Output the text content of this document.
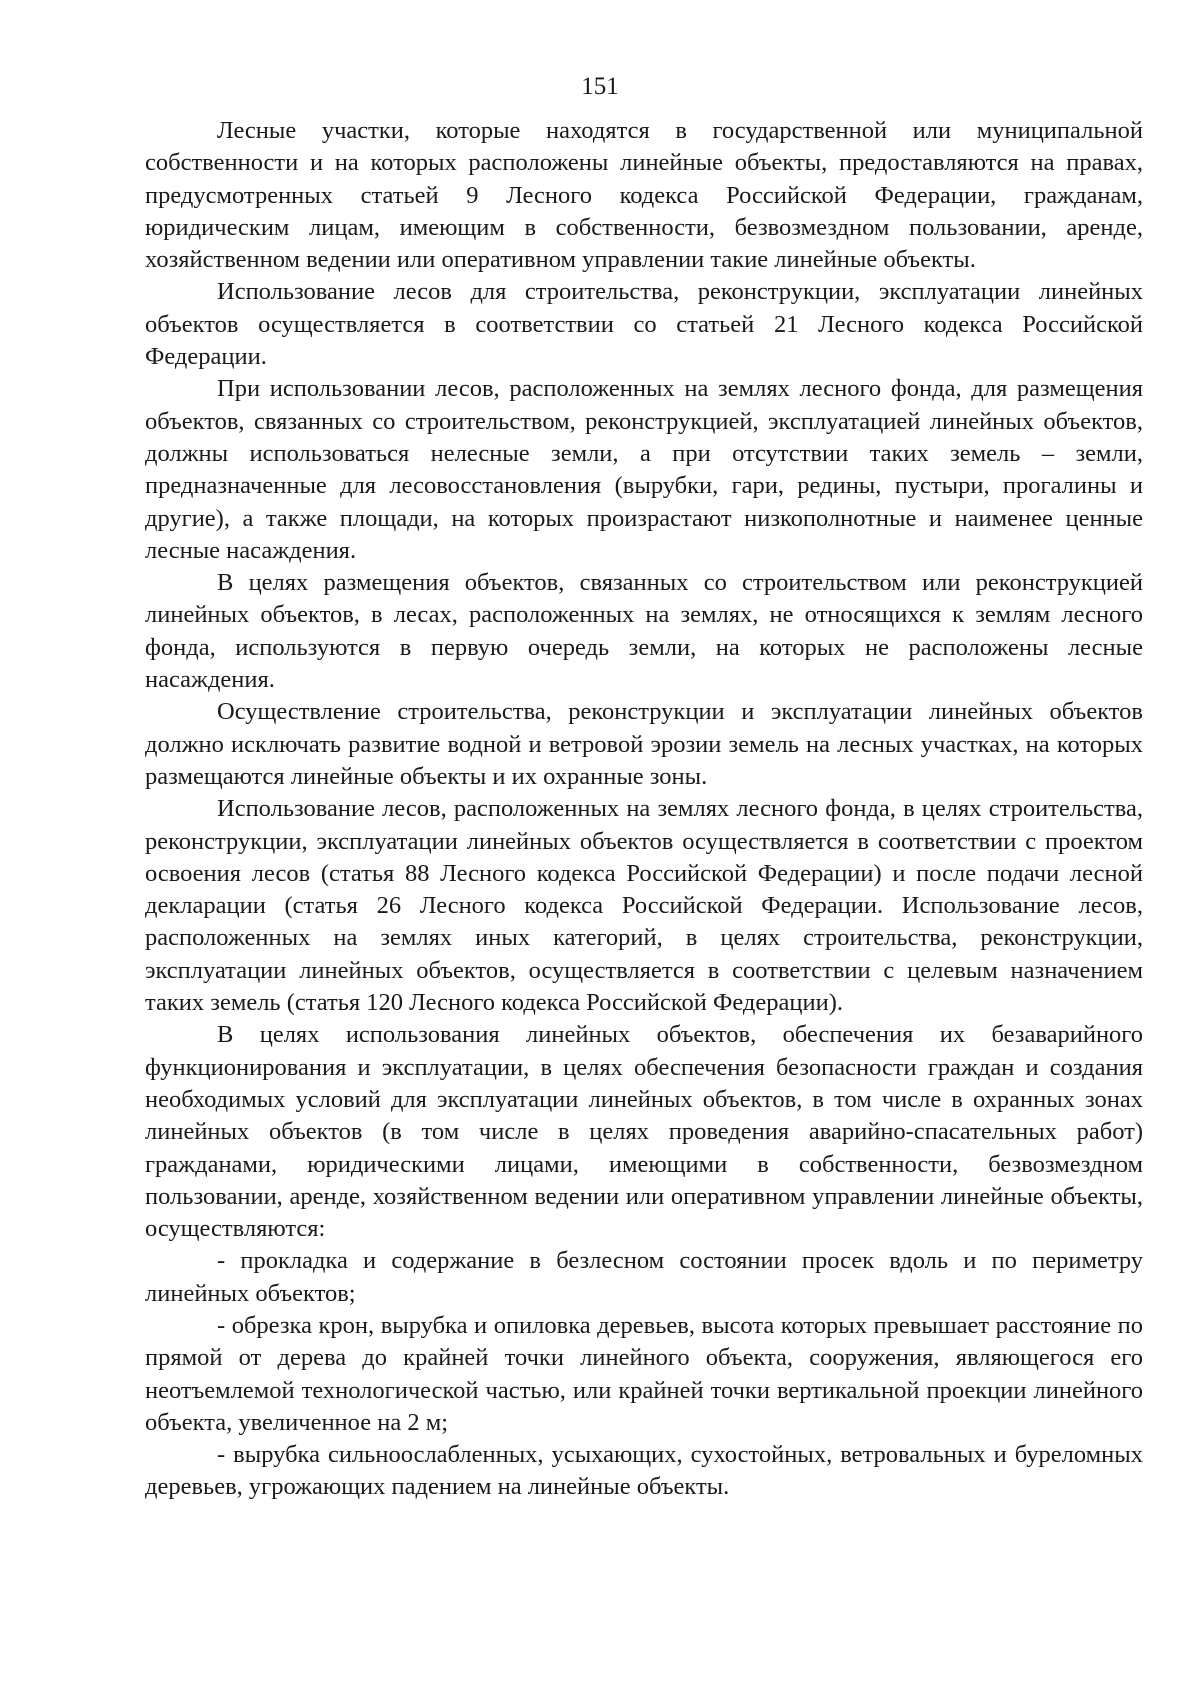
151

Лесные участки, которые находятся в государственной или муниципальной собственности и на которых расположены линейные объекты, предоставляются на правах, предусмотренных статьей 9 Лесного кодекса Российской Федерации, гражданам, юридическим лицам, имеющим в собственности, безвозмездном пользовании, аренде, хозяйственном ведении или оперативном управлении такие линейные объекты.

Использование лесов для строительства, реконструкции, эксплуатации линейных объектов осуществляется в соответствии со статьей 21 Лесного кодекса Российской Федерации.

При использовании лесов, расположенных на землях лесного фонда, для размещения объектов, связанных со строительством, реконструкцией, эксплуатацией линейных объектов, должны использоваться нелесные земли, а при отсутствии таких земель – земли, предназначенные для лесовосстановления (вырубки, гари, редины, пустыри, прогалины и другие), а также площади, на которых произрастают низкополнотные и наименее ценные лесные насаждения.

В целях размещения объектов, связанных со строительством или реконструкцией линейных объектов, в лесах, расположенных на землях, не относящихся к землям лесного фонда, используются в первую очередь земли, на которых не расположены лесные насаждения.

Осуществление строительства, реконструкции и эксплуатации линейных объектов должно исключать развитие водной и ветровой эрозии земель на лесных участках, на которых размещаются линейные объекты и их охранные зоны.

Использование лесов, расположенных на землях лесного фонда, в целях строительства, реконструкции, эксплуатации линейных объектов осуществляется в соответствии с проектом освоения лесов (статья 88 Лесного кодекса Российской Федерации) и после подачи лесной декларации (статья 26 Лесного кодекса Российской Федерации. Использование лесов, расположенных на землях иных категорий, в целях строительства, реконструкции, эксплуатации линейных объектов, осуществляется в соответствии с целевым назначением таких земель (статья 120 Лесного кодекса Российской Федерации).

В целях использования линейных объектов, обеспечения их безаварийного функционирования и эксплуатации, в целях обеспечения безопасности граждан и создания необходимых условий для эксплуатации линейных объектов, в том числе в охранных зонах линейных объектов (в том числе в целях проведения аварийно-спасательных работ) гражданами, юридическими лицами, имеющими в собственности, безвозмездном пользовании, аренде, хозяйственном ведении или оперативном управлении линейные объекты, осуществляются:

- прокладка и содержание в безлесном состоянии просек вдоль и по периметру линейных объектов;

- обрезка крон, вырубка и опиловка деревьев, высота которых превышает расстояние по прямой от дерева до крайней точки линейного объекта, сооружения, являющегося его неотъемлемой технологической частью, или крайней точки вертикальной проекции линейного объекта, увеличенное на 2 м;

- вырубка сильноослабленных, усыхающих, сухостойных, ветровальных и буреломных деревьев, угрожающих падением на линейные объекты.
